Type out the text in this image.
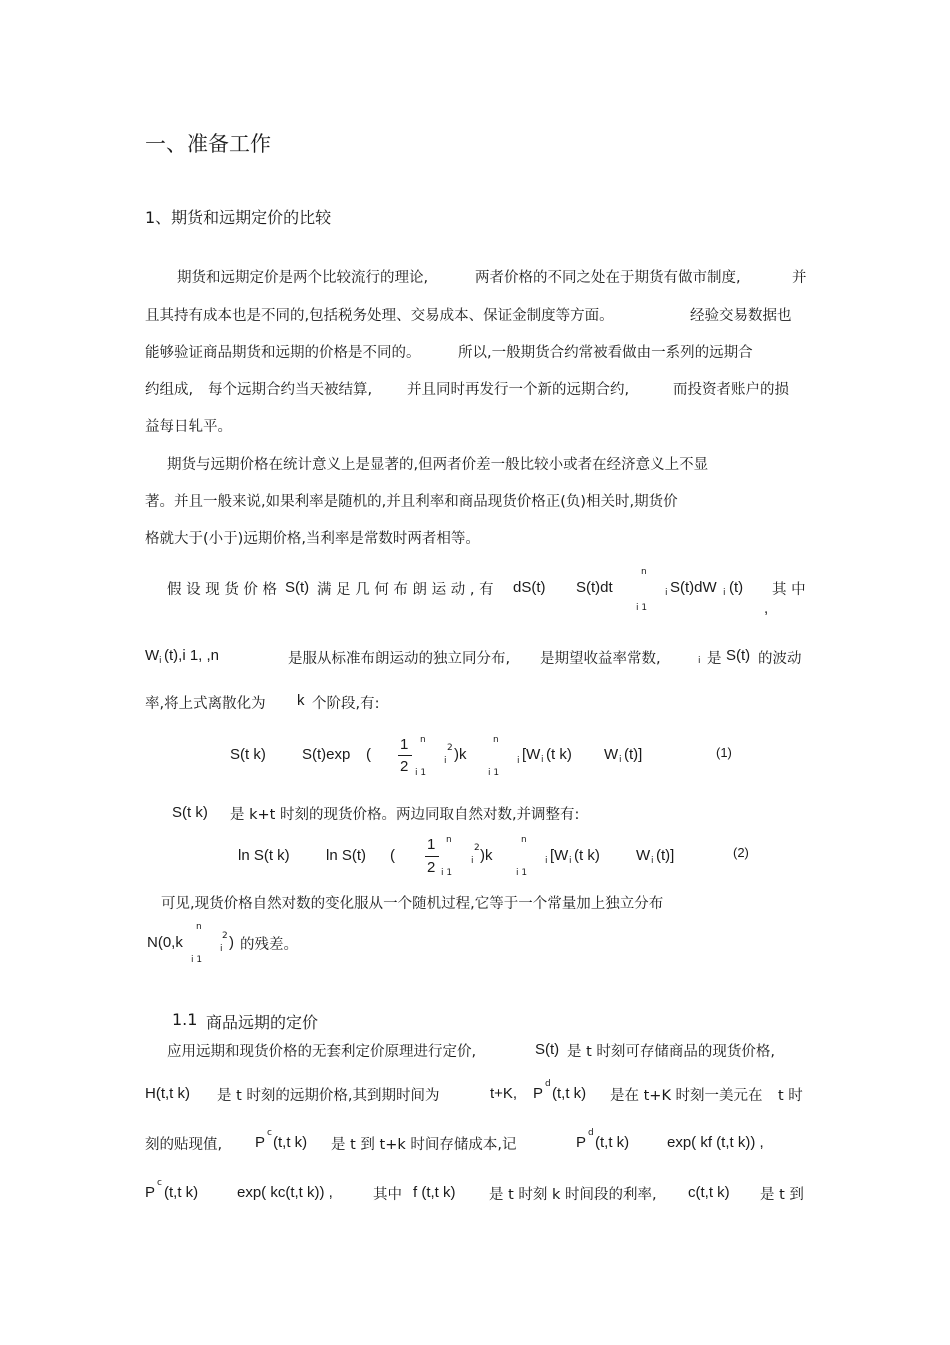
一、准备工作
1、期货和远期定价的比较
期货和远期定价是两个比较流行的理论,	两者价格的不同之处在于期货有做市制度,	并
且其持有成本也是不同的,包括税务处理、交易成本、保证金制度等方面。	经验交易数据也
能够验证商品期货和远期的价格是不同的。	所以,一般期货合约常被看做由一系列的远期合
约组成, 每个远期合约当天被结算, 并且同时再发行一个新的远期合约,	而投资者账户的损
益每日轧平。
期货与远期价格在统计意义上是显著的,但两者价差一般比较小或者在经济意义上不显
著。并且一般来说,如果利率是随机的,并且利率和商品现货价格正(负)相关时,期货价
格就大于(小于)远期价格,当利率是常数时两者相等。
假 设 现 货 价 格 S(t) 满 足 几 何 布 朗 运 动 , 有 dS(t) S(t)dt
n
i 1
i S(t)dW i (t) 其 中
,
W i (t),i 1, ,n	是服从标准布朗运动的独立同分布, 是期望收益率常数,	i 是 S(t) 的波动
率,将上式离散化为 k 个阶段,有:
S(t k) S(t)exp (
1
2
n
i 1
2
i )k
n
i 1
i [W i (t k) W i (t)]	(1)
S(t k) 是 k+t 时刻的现货价格。两边同取自然对数,并调整有:
ln S(t k) ln S(t) (
1
2
n
i 1
2
i )k
n
i 1
i [W i (t k) W i (t)]	(2)
可见,现货价格自然对数的变化服从一个随机过程,它等于一个常量加上独立分布
N(0,k
n
i 1
2
i ) 的残差。
1.1 商品远期的定价
应用远期和现货价格的无套利定价原理进行定价,	S(t) 是 t 时刻可存储商品的现货价格,
H(t,t k) 是 t 时刻的远期价格,其到期时间为	t+K, P
d
(t,t k) 是在 t+K 时刻一美元在 t 时
刻的贴现值, P
c
(t,t k) 是 t 到 t+k 时间存储成本,记	P
d
(t,t k)	exp( kf (t,t k)) ,
P
c
(t,t k)	exp( kc(t,t k)) ,	其中 f (t,t k) 是 t 时刻 k 时间段的利率, c(t,t k) 是 t 到
